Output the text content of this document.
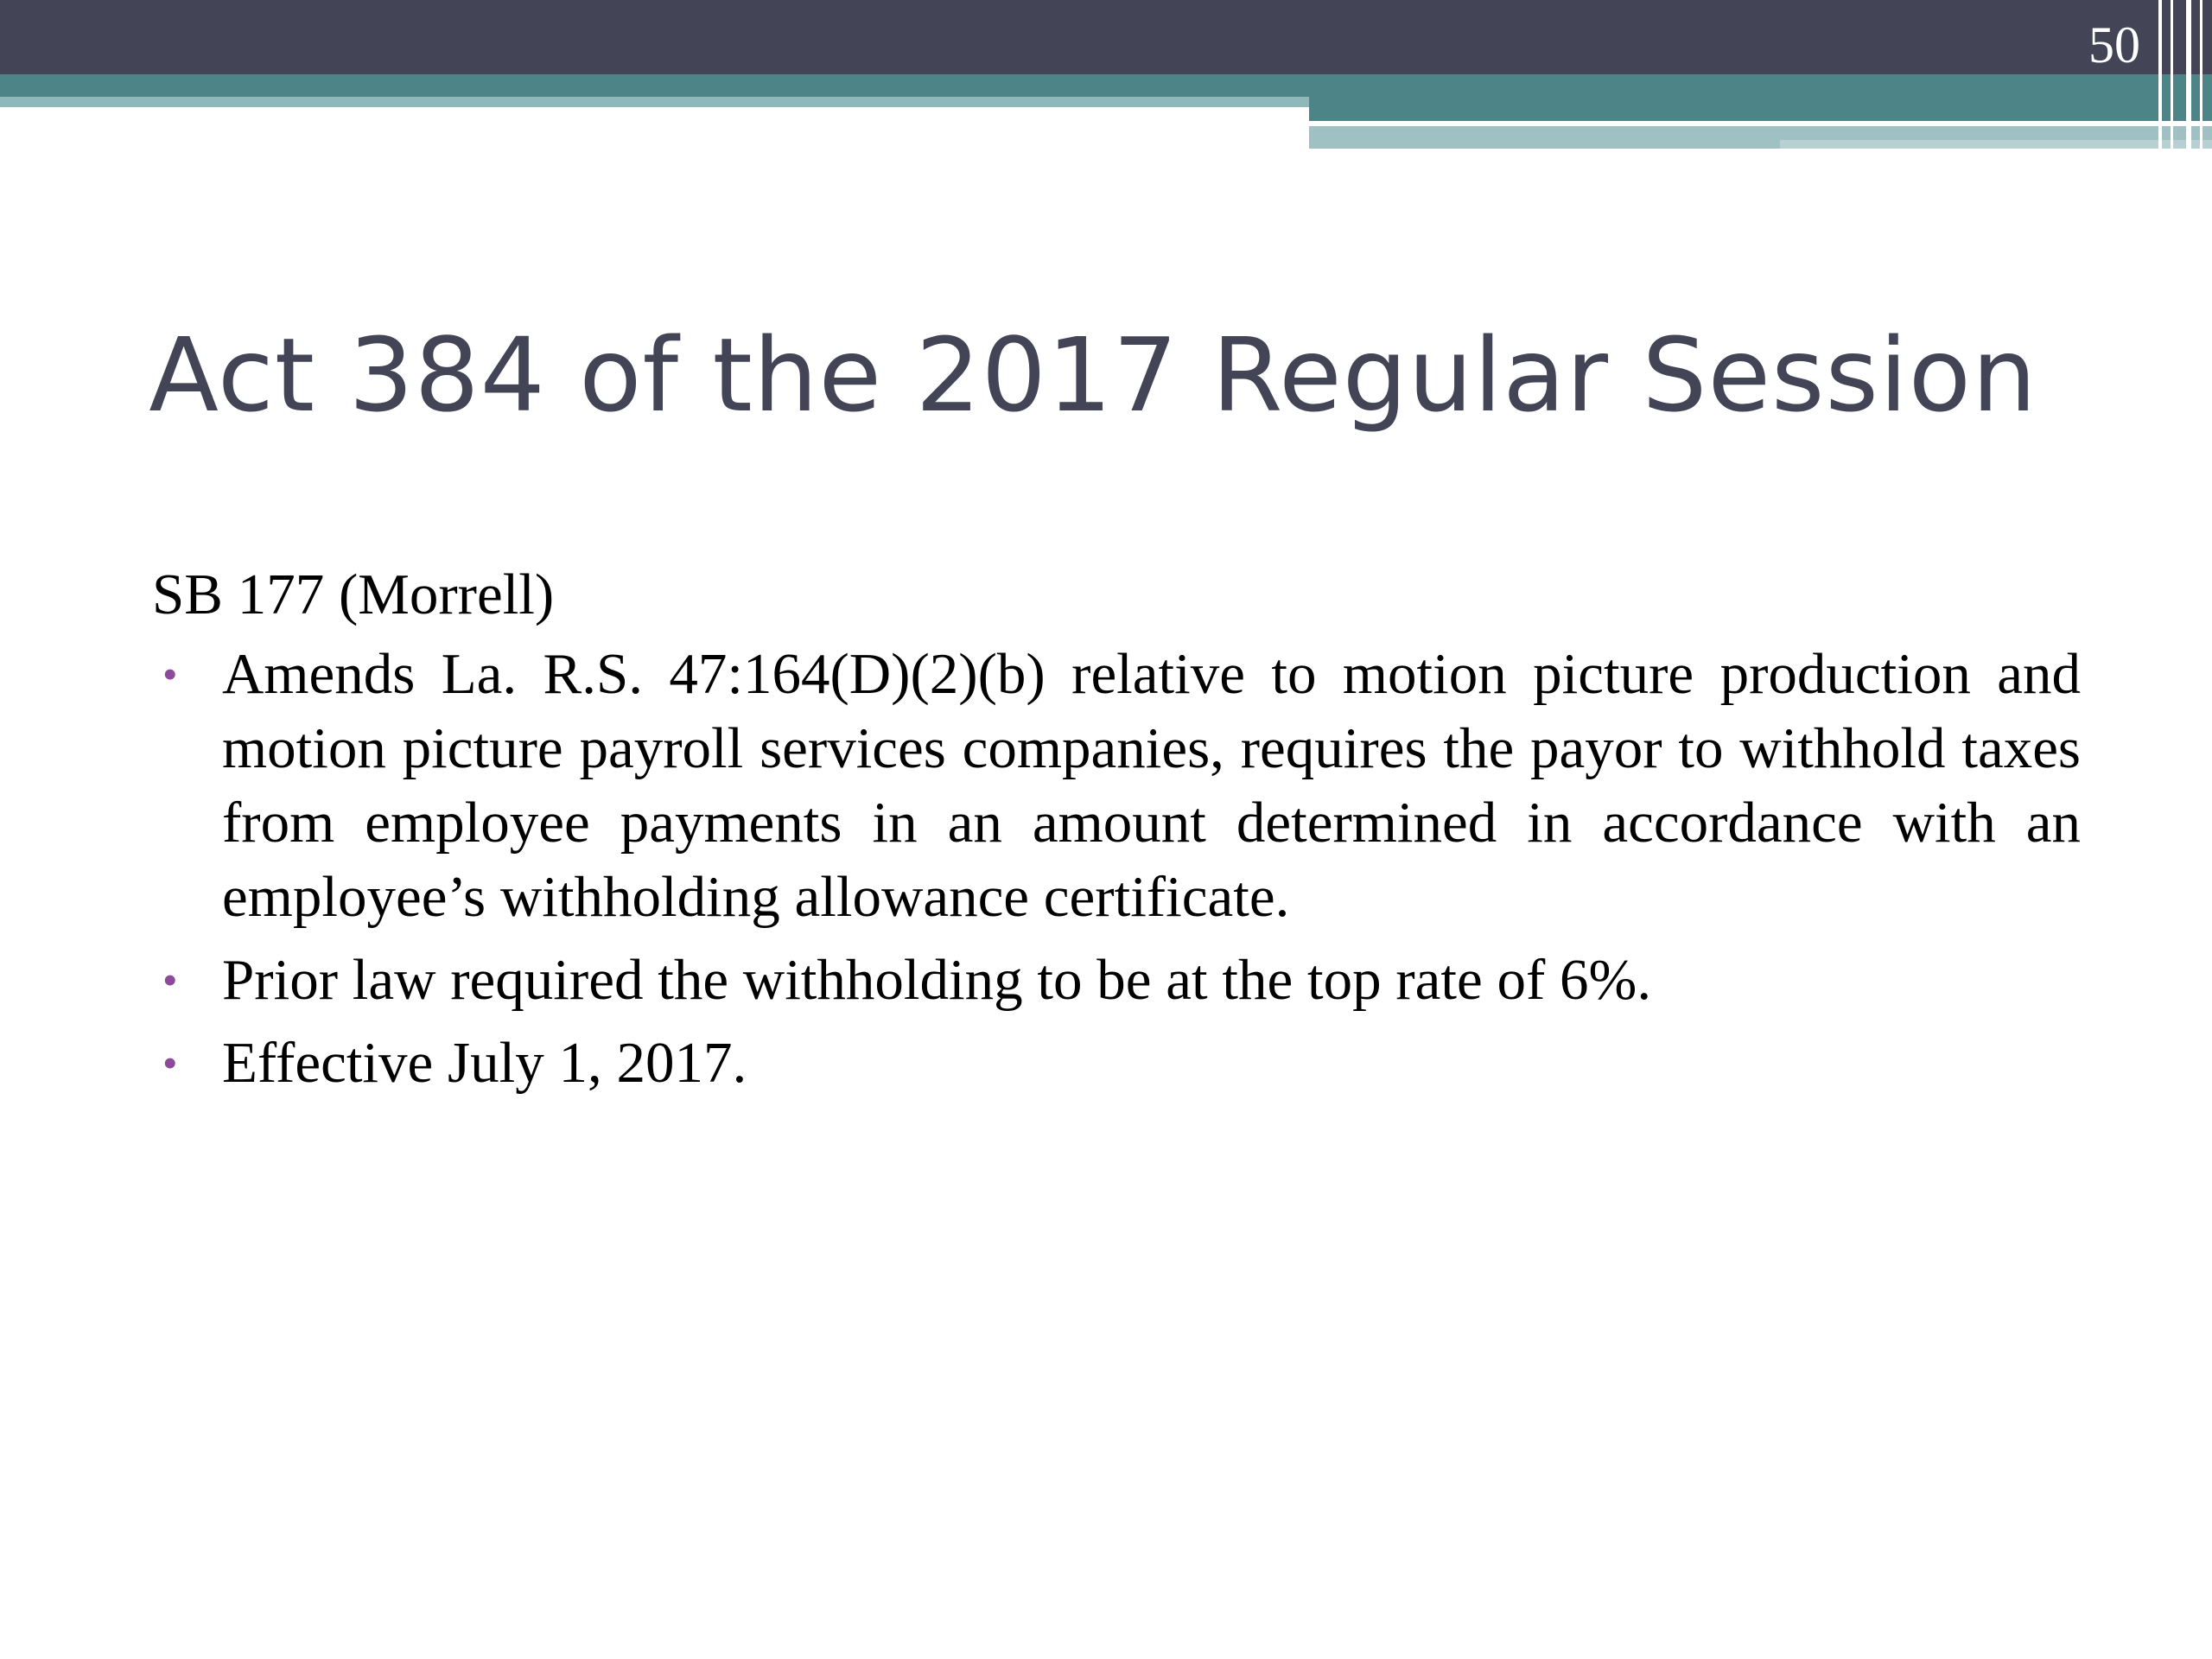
50
Act 384 of the 2017 Regular Session
SB 177 (Morrell)
• Amends La. R.S. 47:164(D)(2)(b) relative to motion picture production and motion picture payroll services companies, requires the payor to withhold taxes from employee payments in an amount determined in accordance with an employee’s withholding allowance certificate.
• Prior law required the withholding to be at the top rate of 6%.
• Effective July 1, 2017.
